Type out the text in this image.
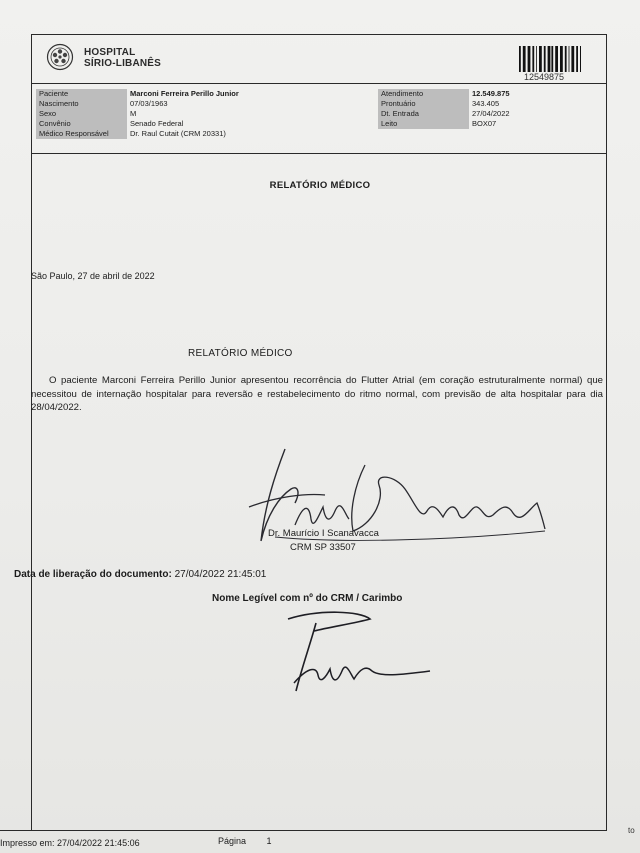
HOSPITAL
SÍRIO-LIBANÊS
12549875
Paciente	Marconi Ferreira Perillo Junior
Nascimento	07/03/1963
Sexo	M
Convênio	Senado Federal
Médico Responsável	Dr. Raul Cutait (CRM 20331)
Atendimento	12.549.875
Prontuário	343.405
Dt. Entrada	27/04/2022
Leito	BOX07
RELATÓRIO MÉDICO
São Paulo, 27 de abril de 2022
RELATÓRIO MÉDICO
O paciente Marconi Ferreira Perillo Junior apresentou recorrência do Flutter Atrial (em coração estruturalmente normal) que necessitou de internação hospitalar para reversão e restabelecimento do ritmo normal, com previsão de alta hospitalar para dia 28/04/2022.
Dr. Maurício I Scanavacca
CRM SP 33507
Data de liberação do documento: 27/04/2022 21:45:01
Nome Legível com nº do CRM / Carimbo
Impresso em: 27/04/2022 21:45:06	Página 1
to
